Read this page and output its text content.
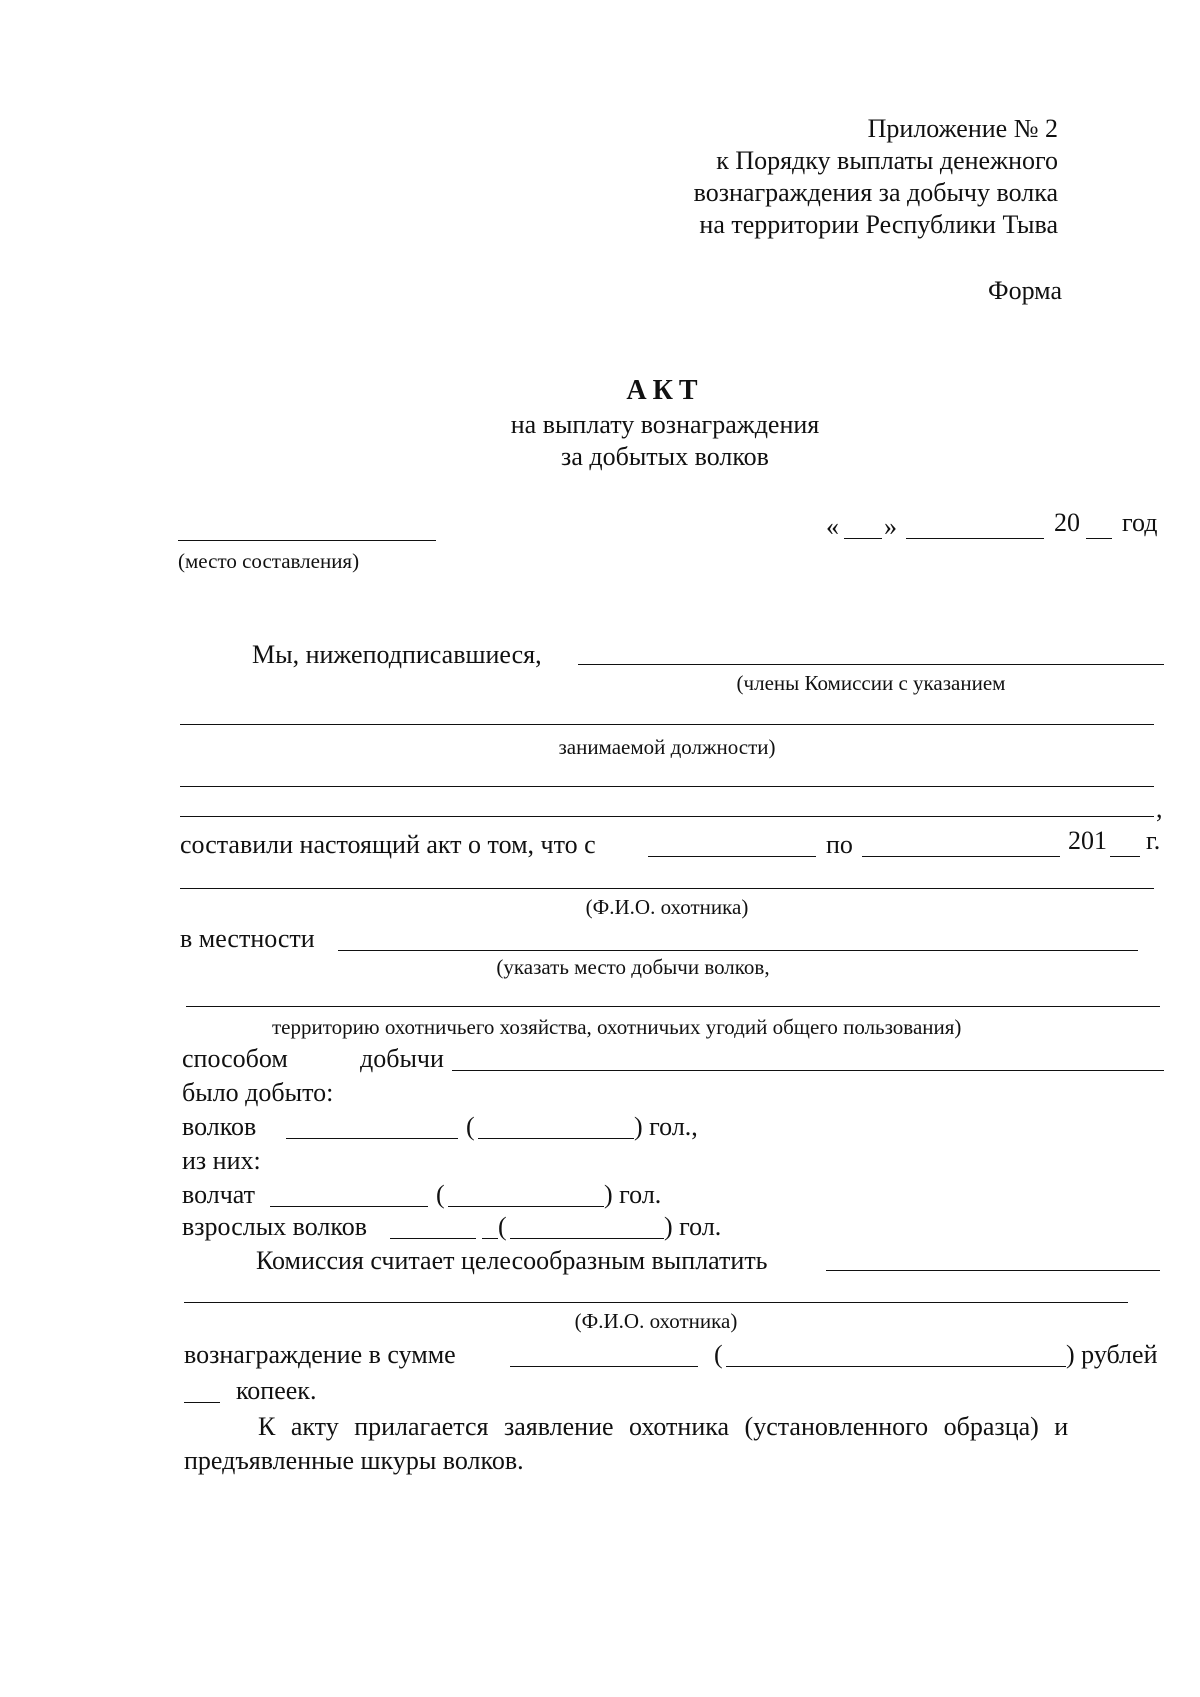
Приложение № 2
к Порядку выплаты денежного
вознаграждения за добычу волка
на территории Республики Тыва
Форма
АКТ
на выплату вознаграждения
за добытых волков
(место составления)
« »	20 год
Мы, нижеподписавшиеся,
(члены Комиссии с указанием
занимаемой должности)
,
составили настоящий акт о том, что с	по	201 г.
(Ф.И.О. охотника)
в местности
(указать место добычи волков,
территорию охотничьего хозяйства, охотничьих угодий общего пользования)
способом	добычи
было добыто:
волков	(	) гол.,
из них:
волчат	(	) гол.
взрослых волков	(	) гол.
Комиссия считает целесообразным выплатить
(Ф.И.О. охотника)
вознаграждение в сумме	(	) рублей
копеек.
К акту прилагается заявление охотника (установленного образца) и
предъявленные шкуры волков.
